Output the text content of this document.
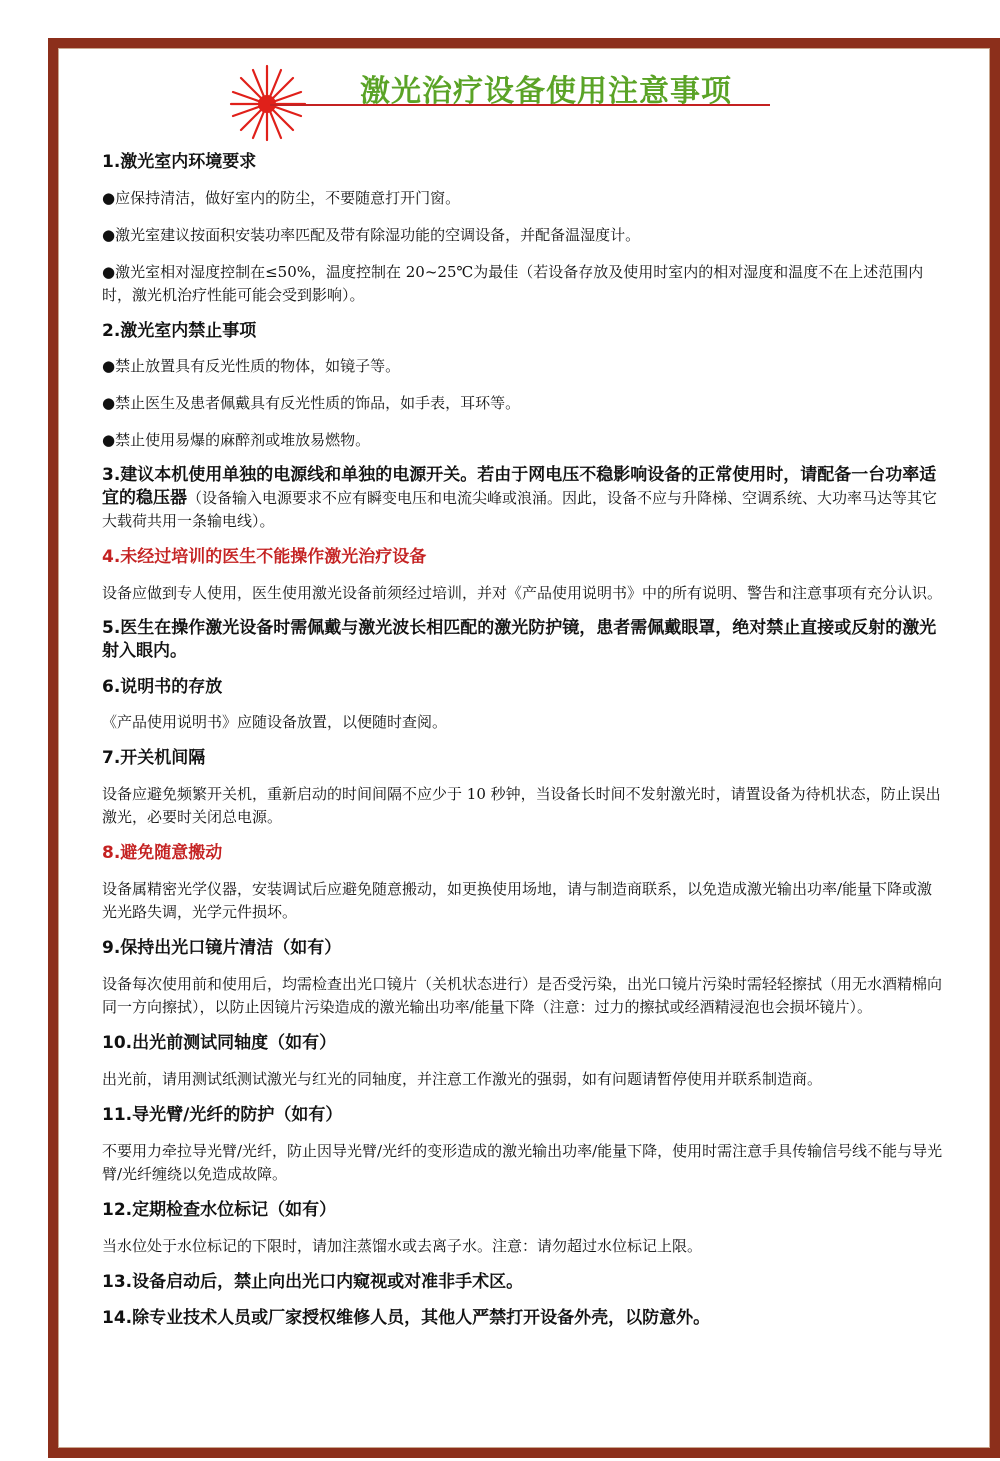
激光治疗设备使用注意事项

1.激光室内环境要求

●应保持清洁，做好室内的防尘，不要随意打开门窗。

●激光室建议按面积安装功率匹配及带有除湿功能的空调设备，并配备温湿度计。

●激光室相对湿度控制在≤50%，温度控制在 20~25℃为最佳（若设备存放及使用时室内的相对湿度和温度不在上述范围内时，激光机治疗性能可能会受到影响）。

2.激光室内禁止事项

●禁止放置具有反光性质的物体，如镜子等。

●禁止医生及患者佩戴具有反光性质的饰品，如手表，耳环等。

●禁止使用易爆的麻醉剂或堆放易燃物。

3.建议本机使用单独的电源线和单独的电源开关。若由于网电压不稳影响设备的正常使用时，请配备一台功率适宜的稳压器（设备输入电源要求不应有瞬变电压和电流尖峰或浪涌。因此，设备不应与升降梯、空调系统、大功率马达等其它大载荷共用一条输电线）。

4.未经过培训的医生不能操作激光治疗设备

设备应做到专人使用，医生使用激光设备前须经过培训，并对《产品使用说明书》中的所有说明、警告和注意事项有充分认识。

5.医生在操作激光设备时需佩戴与激光波长相匹配的激光防护镜，患者需佩戴眼罩，绝对禁止直接或反射的激光射入眼内。

6.说明书的存放

《产品使用说明书》应随设备放置，以便随时查阅。

7.开关机间隔

设备应避免频繁开关机，重新启动的时间间隔不应少于 10 秒钟，当设备长时间不发射激光时，请置设备为待机状态，防止误出激光，必要时关闭总电源。

8.避免随意搬动

设备属精密光学仪器，安装调试后应避免随意搬动，如更换使用场地，请与制造商联系，以免造成激光输出功率/能量下降或激光光路失调，光学元件损坏。

9.保持出光口镜片清洁（如有）

设备每次使用前和使用后，均需检查出光口镜片（关机状态进行）是否受污染，出光口镜片污染时需轻轻擦拭（用无水酒精棉向同一方向擦拭），以防止因镜片污染造成的激光输出功率/能量下降（注意：过力的擦拭或经酒精浸泡也会损坏镜片）。

10.出光前测试同轴度（如有）

出光前，请用测试纸测试激光与红光的同轴度，并注意工作激光的强弱，如有问题请暂停使用并联系制造商。

11.导光臂/光纤的防护（如有）

不要用力牵拉导光臂/光纤，防止因导光臂/光纤的变形造成的激光输出功率/能量下降，使用时需注意手具传输信号线不能与导光臂/光纤缠绕以免造成故障。

12.定期检查水位标记（如有）

当水位处于水位标记的下限时，请加注蒸馏水或去离子水。注意：请勿超过水位标记上限。

13.设备启动后，禁止向出光口内窥视或对准非手术区。

14.除专业技术人员或厂家授权维修人员，其他人严禁打开设备外壳，以防意外。
